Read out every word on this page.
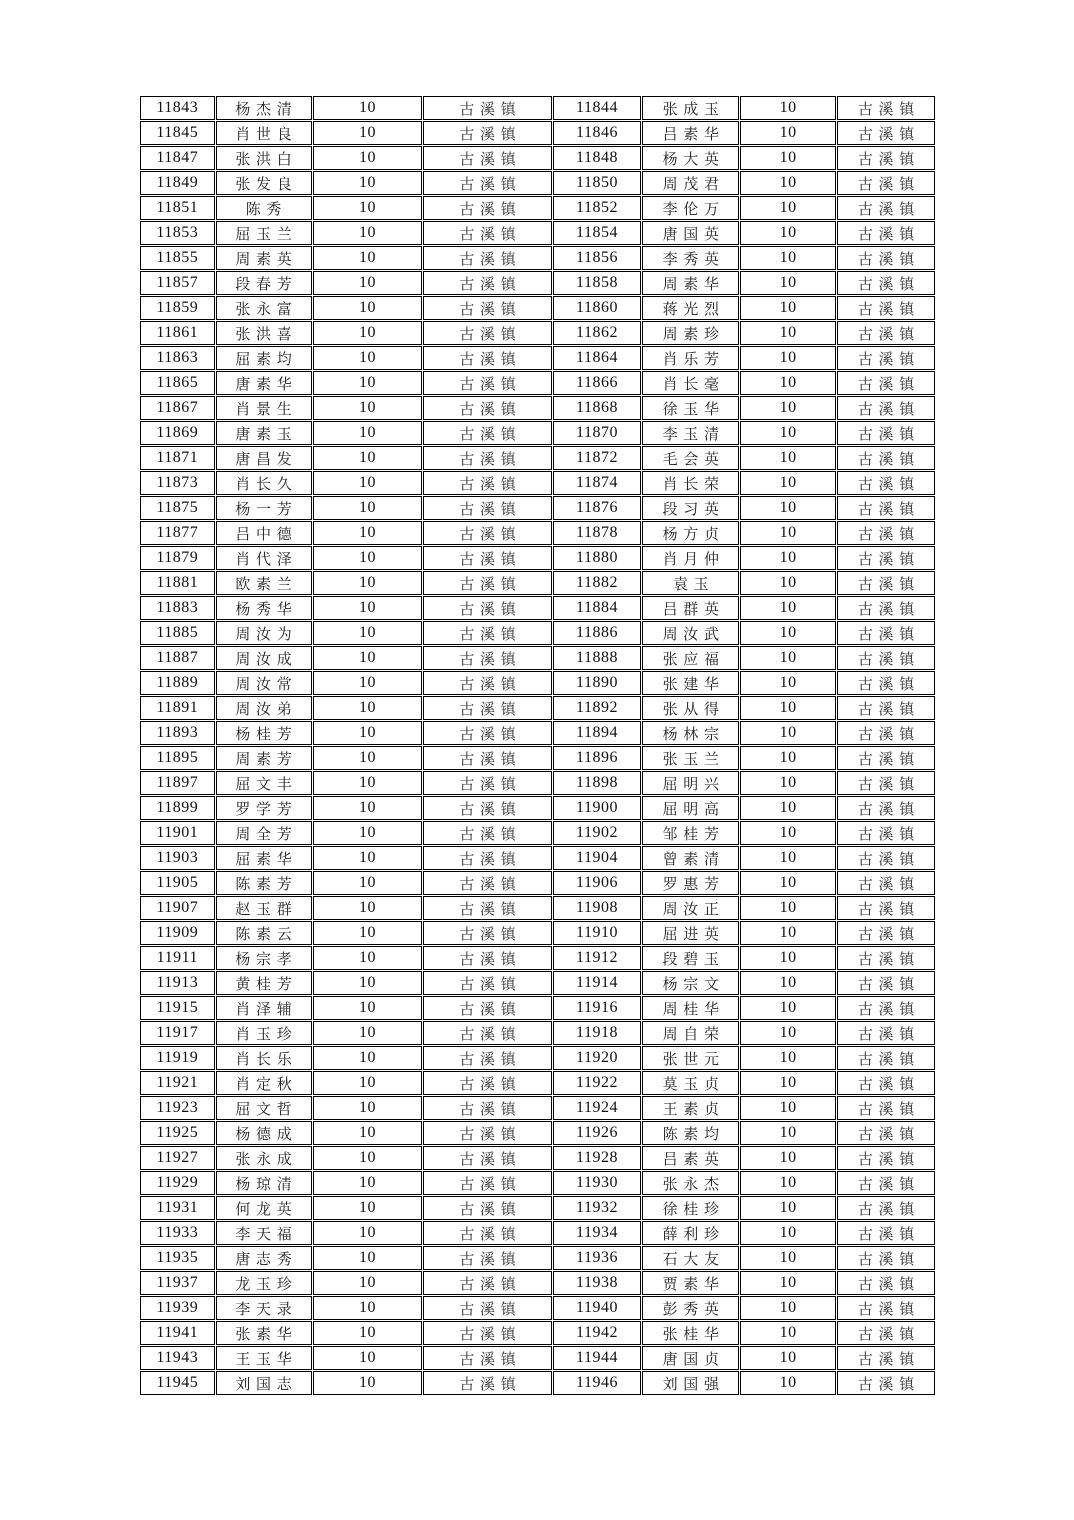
11843	杨杰清	10	古溪镇	11844	张成玉	10	古溪镇
11845	肖世良	10	古溪镇	11846	吕素华	10	古溪镇
11847	张洪白	10	古溪镇	11848	杨大英	10	古溪镇
11849	张发良	10	古溪镇	11850	周茂君	10	古溪镇
11851	陈秀	10	古溪镇	11852	李伦万	10	古溪镇
11853	屈玉兰	10	古溪镇	11854	唐国英	10	古溪镇
11855	周素英	10	古溪镇	11856	李秀英	10	古溪镇
11857	段春芳	10	古溪镇	11858	周素华	10	古溪镇
11859	张永富	10	古溪镇	11860	蒋光烈	10	古溪镇
11861	张洪喜	10	古溪镇	11862	周素珍	10	古溪镇
11863	屈素均	10	古溪镇	11864	肖乐芳	10	古溪镇
11865	唐素华	10	古溪镇	11866	肖长毫	10	古溪镇
11867	肖景生	10	古溪镇	11868	徐玉华	10	古溪镇
11869	唐素玉	10	古溪镇	11870	李玉清	10	古溪镇
11871	唐昌发	10	古溪镇	11872	毛会英	10	古溪镇
11873	肖长久	10	古溪镇	11874	肖长荣	10	古溪镇
11875	杨一芳	10	古溪镇	11876	段习英	10	古溪镇
11877	吕中德	10	古溪镇	11878	杨方贞	10	古溪镇
11879	肖代泽	10	古溪镇	11880	肖月仲	10	古溪镇
11881	欧素兰	10	古溪镇	11882	袁玉	10	古溪镇
11883	杨秀华	10	古溪镇	11884	吕群英	10	古溪镇
11885	周汝为	10	古溪镇	11886	周汝武	10	古溪镇
11887	周汝成	10	古溪镇	11888	张应福	10	古溪镇
11889	周汝常	10	古溪镇	11890	张建华	10	古溪镇
11891	周汝弟	10	古溪镇	11892	张从得	10	古溪镇
11893	杨桂芳	10	古溪镇	11894	杨林宗	10	古溪镇
11895	周素芳	10	古溪镇	11896	张玉兰	10	古溪镇
11897	屈文丰	10	古溪镇	11898	屈明兴	10	古溪镇
11899	罗学芳	10	古溪镇	11900	屈明高	10	古溪镇
11901	周全芳	10	古溪镇	11902	邹桂芳	10	古溪镇
11903	屈素华	10	古溪镇	11904	曾素清	10	古溪镇
11905	陈素芳	10	古溪镇	11906	罗惠芳	10	古溪镇
11907	赵玉群	10	古溪镇	11908	周汝正	10	古溪镇
11909	陈素云	10	古溪镇	11910	屈进英	10	古溪镇
11911	杨宗孝	10	古溪镇	11912	段碧玉	10	古溪镇
11913	黄桂芳	10	古溪镇	11914	杨宗文	10	古溪镇
11915	肖泽辅	10	古溪镇	11916	周桂华	10	古溪镇
11917	肖玉珍	10	古溪镇	11918	周自荣	10	古溪镇
11919	肖长乐	10	古溪镇	11920	张世元	10	古溪镇
11921	肖定秋	10	古溪镇	11922	莫玉贞	10	古溪镇
11923	屈文哲	10	古溪镇	11924	王素贞	10	古溪镇
11925	杨德成	10	古溪镇	11926	陈素均	10	古溪镇
11927	张永成	10	古溪镇	11928	吕素英	10	古溪镇
11929	杨琼清	10	古溪镇	11930	张永杰	10	古溪镇
11931	何龙英	10	古溪镇	11932	徐桂珍	10	古溪镇
11933	李天福	10	古溪镇	11934	薛利珍	10	古溪镇
11935	唐志秀	10	古溪镇	11936	石大友	10	古溪镇
11937	龙玉珍	10	古溪镇	11938	贾素华	10	古溪镇
11939	李天录	10	古溪镇	11940	彭秀英	10	古溪镇
11941	张素华	10	古溪镇	11942	张桂华	10	古溪镇
11943	王玉华	10	古溪镇	11944	唐国贞	10	古溪镇
11945	刘国志	10	古溪镇	11946	刘国强	10	古溪镇
